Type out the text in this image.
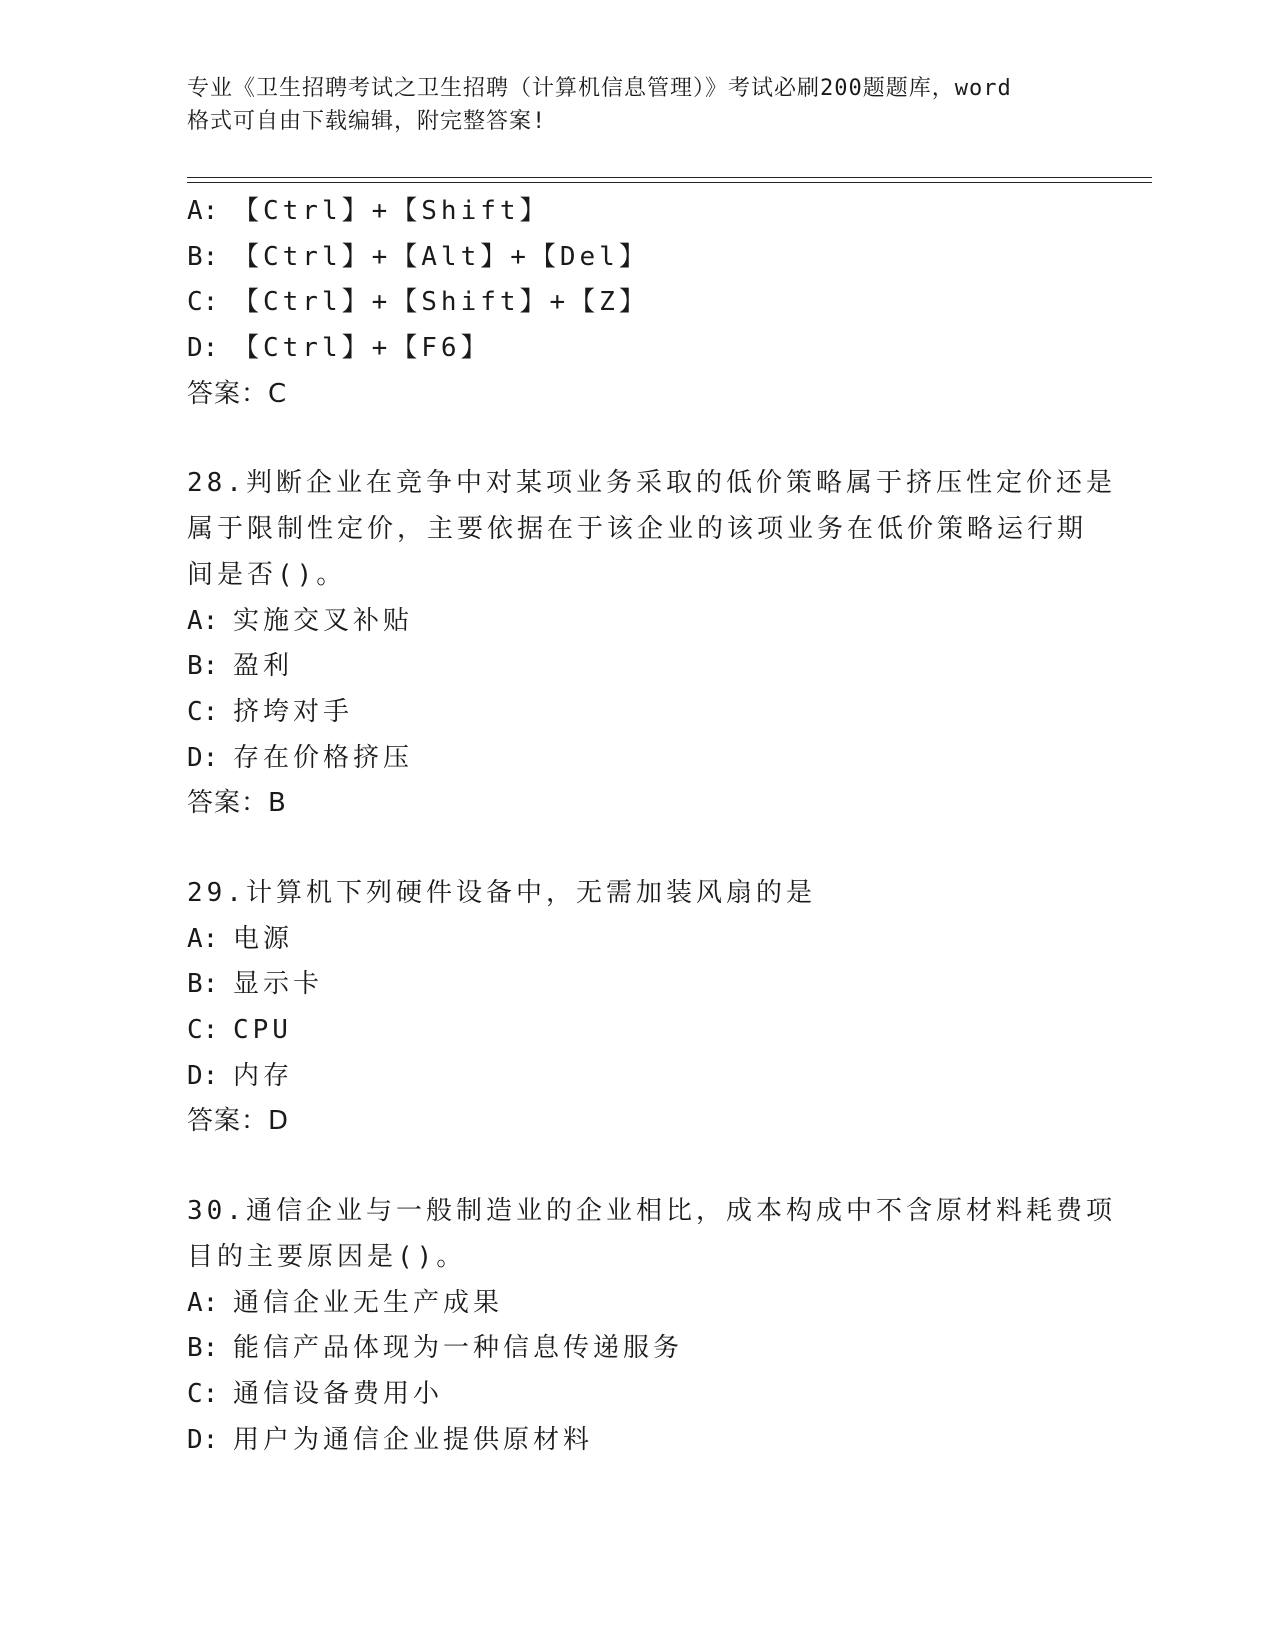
专业《卫生招聘考试之卫生招聘（计算机信息管理）》考试必刷200题题库，word
格式可自由下载编辑，附完整答案!
A: 【Ctrl】+【Shift】
B: 【Ctrl】+【Alt】+【Del】
C: 【Ctrl】+【Shift】+【Z】
D: 【Ctrl】+【F6】
答案：C
28.判断企业在竞争中对某项业务采取的低价策略属于挤压性定价还是
属于限制性定价，主要依据在于该企业的该项业务在低价策略运行期
间是否()。
A: 实施交叉补贴
B: 盈利
C: 挤垮对手
D: 存在价格挤压
答案：B
29.计算机下列硬件设备中，无需加装风扇的是
A: 电源
B: 显示卡
C: CPU
D: 内存
答案：D
30.通信企业与一般制造业的企业相比，成本构成中不含原材料耗费项
目的主要原因是()。
A: 通信企业无生产成果
B: 能信产品体现为一种信息传递服务
C: 通信设备费用小
D: 用户为通信企业提供原材料
